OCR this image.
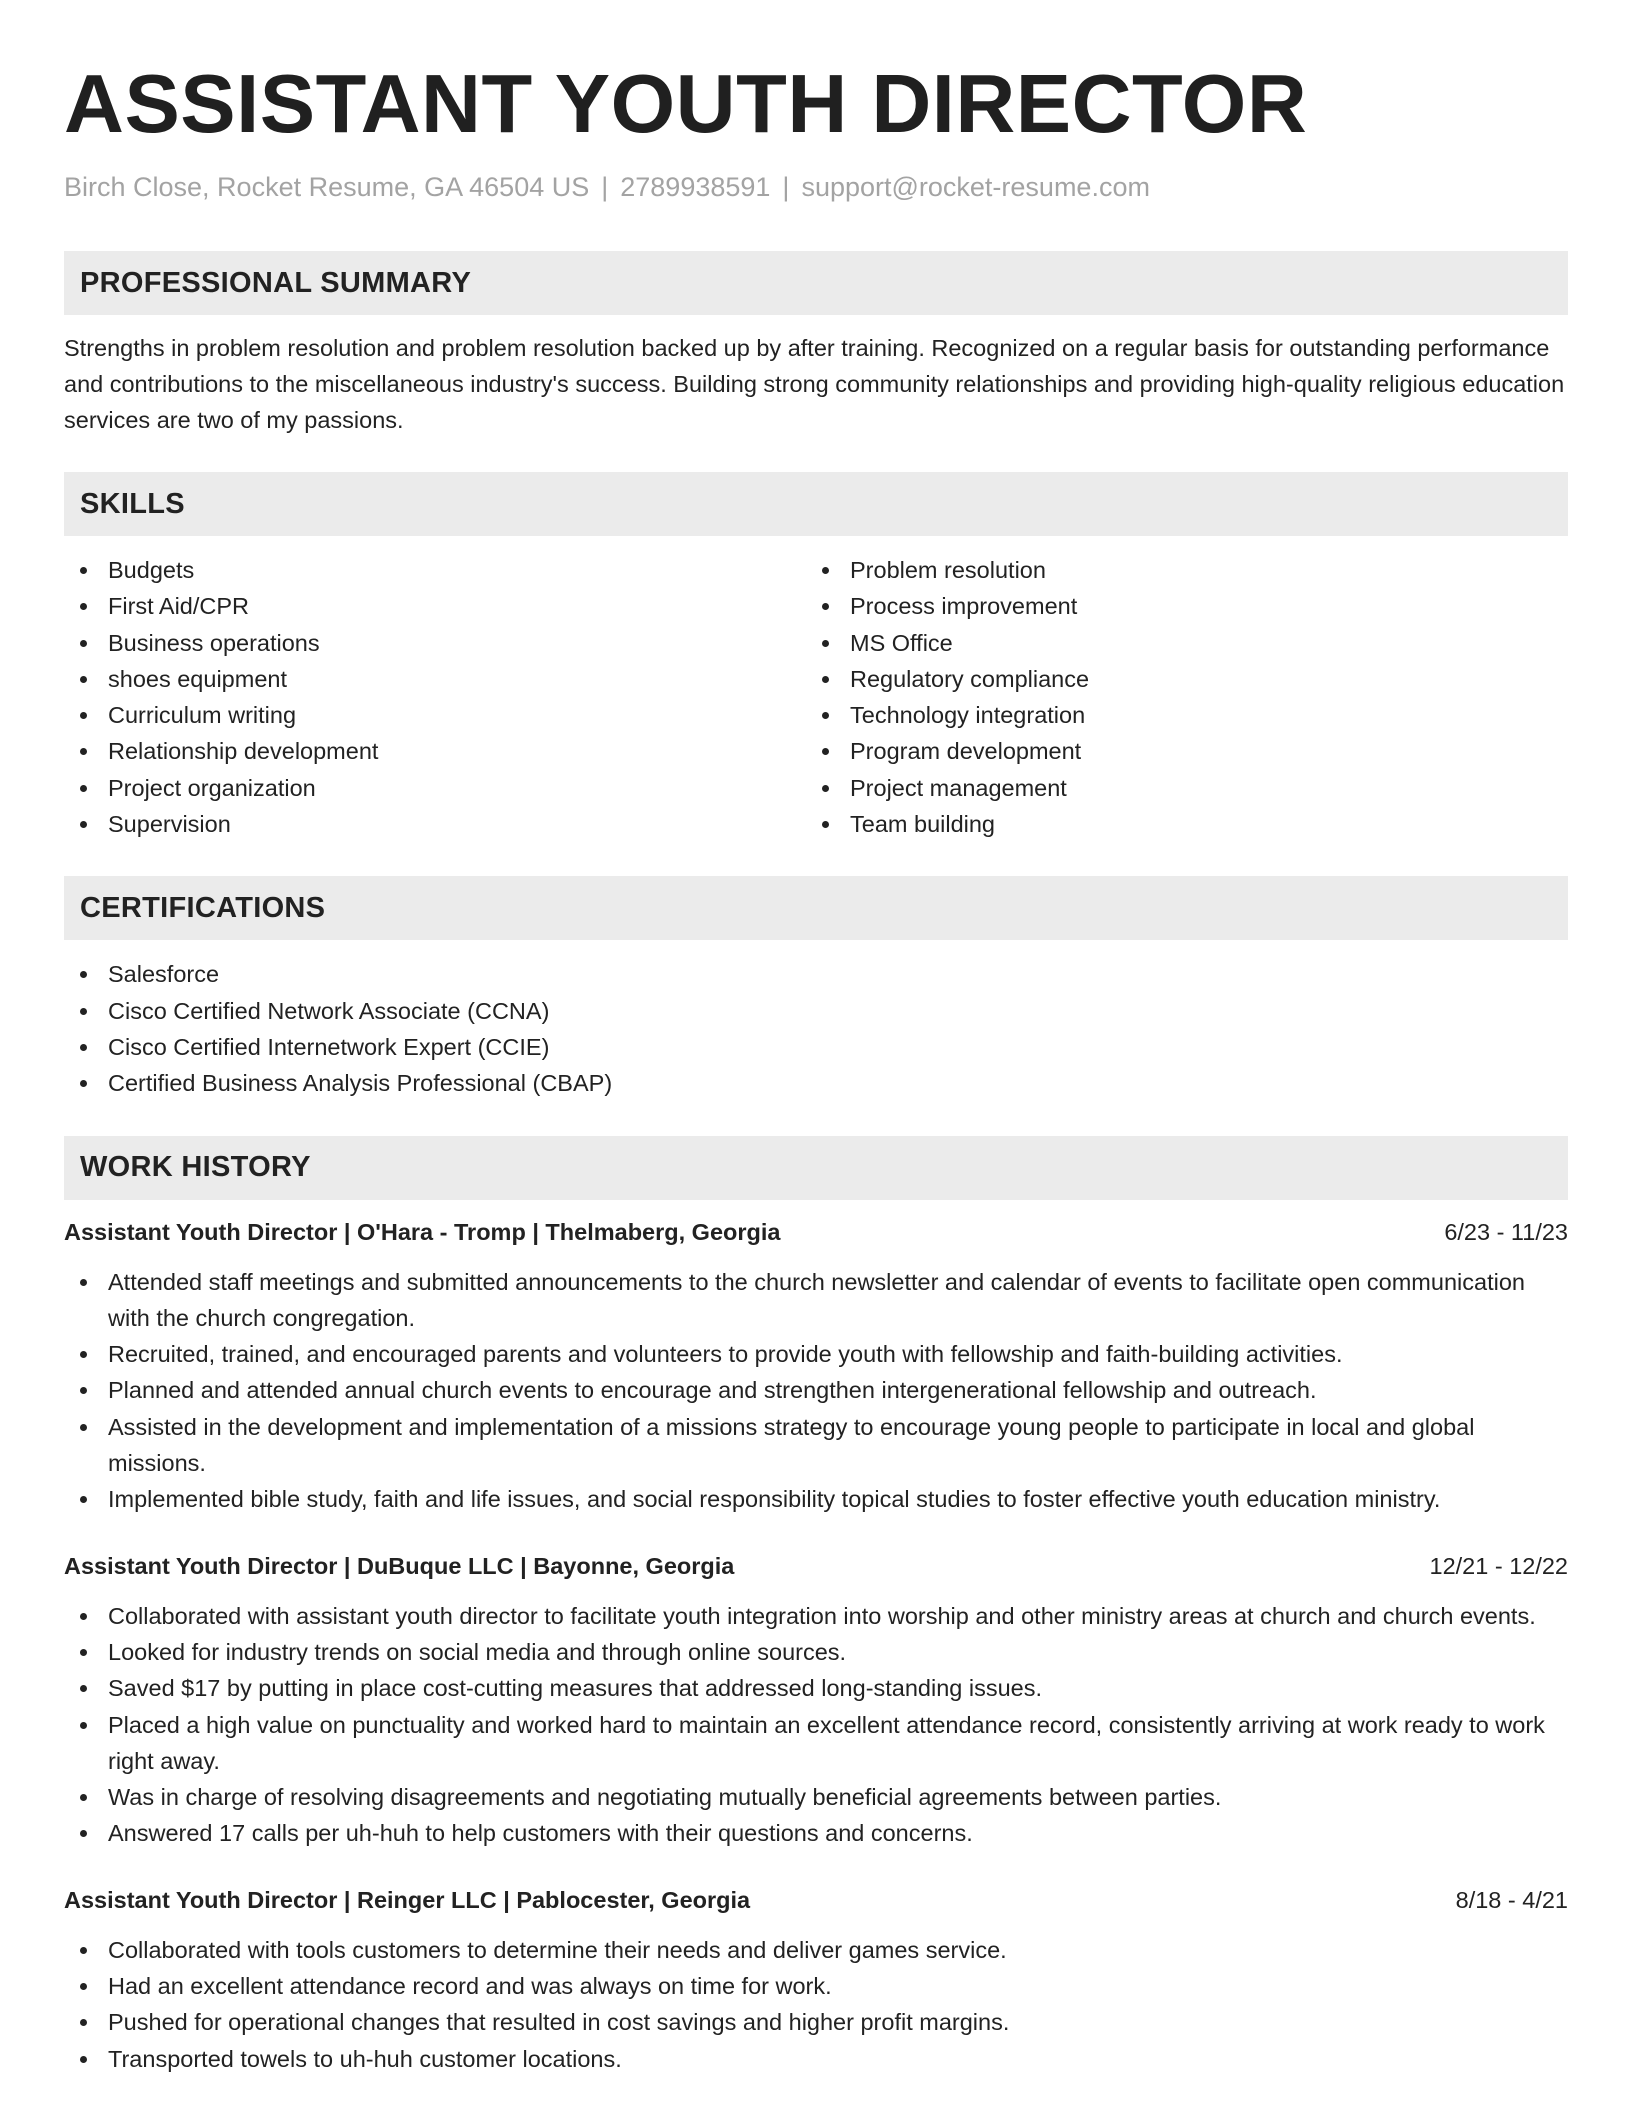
ASSISTANT YOUTH DIRECTOR
Birch Close, Rocket Resume, GA 46504 US | 2789938591 | support@rocket-resume.com
PROFESSIONAL SUMMARY

Strengths in problem resolution and problem resolution backed up by after training. Recognized on a regular basis for outstanding performance and contributions to the miscellaneous industry's success. Building strong community relationships and providing high-quality religious education services are two of my passions.

SKILLS
Budgets
First Aid/CPR
Business operations
shoes equipment
Curriculum writing
Relationship development
Project organization
Supervision
Problem resolution
Process improvement
MS Office
Regulatory compliance
Technology integration
Program development
Project management
Team building
CERTIFICATIONS
Salesforce
Cisco Certified Network Associate (CCNA)
Cisco Certified Internetwork Expert (CCIE)
Certified Business Analysis Professional (CBAP)
WORK HISTORY
Assistant Youth Director | O'Hara - Tromp | Thelmaberg, Georgia	6/23 - 11/23
Attended staff meetings and submitted announcements to the church newsletter and calendar of events to facilitate open communication with the church congregation.
Recruited, trained, and encouraged parents and volunteers to provide youth with fellowship and faith-building activities.
Planned and attended annual church events to encourage and strengthen intergenerational fellowship and outreach.
Assisted in the development and implementation of a missions strategy to encourage young people to participate in local and global missions.
Implemented bible study, faith and life issues, and social responsibility topical studies to foster effective youth education ministry.
Assistant Youth Director | DuBuque LLC | Bayonne, Georgia	12/21 - 12/22
Collaborated with assistant youth director to facilitate youth integration into worship and other ministry areas at church and church events.
Looked for industry trends on social media and through online sources.
Saved $17 by putting in place cost-cutting measures that addressed long-standing issues.
Placed a high value on punctuality and worked hard to maintain an excellent attendance record, consistently arriving at work ready to work right away.
Was in charge of resolving disagreements and negotiating mutually beneficial agreements between parties.
Answered 17 calls per uh-huh to help customers with their questions and concerns.
Assistant Youth Director | Reinger LLC | Pablocester, Georgia	8/18 - 4/21
Collaborated with tools customers to determine their needs and deliver games service.
Had an excellent attendance record and was always on time for work.
Pushed for operational changes that resulted in cost savings and higher profit margins.
Transported towels to uh-huh customer locations.
